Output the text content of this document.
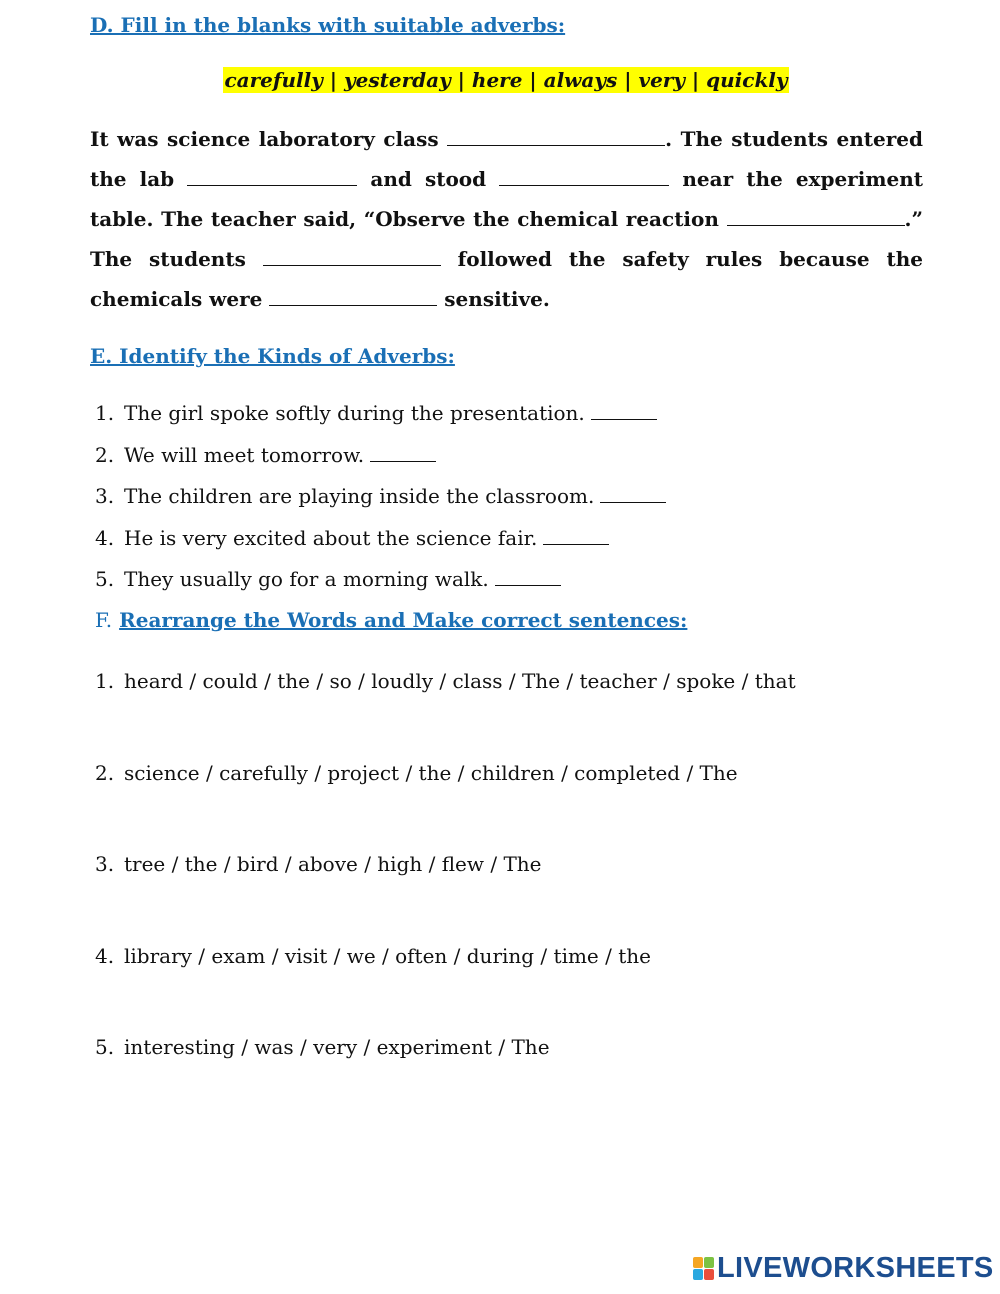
D. Fill in the blanks with suitable adverbs:
carefully | yesterday | here | always | very | quickly

It was science laboratory class	. The students entered the lab	and stood	near the experiment table. The teacher said, “Observe the chemical reaction	.” The students	followed the safety rules because the chemicals were	sensitive.

E. Identify the Kinds of Adverbs:
1. The girl spoke softly during the presentation.
2. We will meet tomorrow.
3. The children are playing inside the classroom.
4. He is very excited about the science fair.
5. They usually go for a morning walk.
F. Rearrange the Words and Make correct sentences:
1. heard / could / the / so / loudly / class / The / teacher / spoke / that
2. science / carefully / project / the / children / completed / The
3. tree / the / bird / above / high / flew / The
4. library / exam / visit / we / often / during / time / the
5. interesting / was / very / experiment / The
LIVEWORKSHEETS
